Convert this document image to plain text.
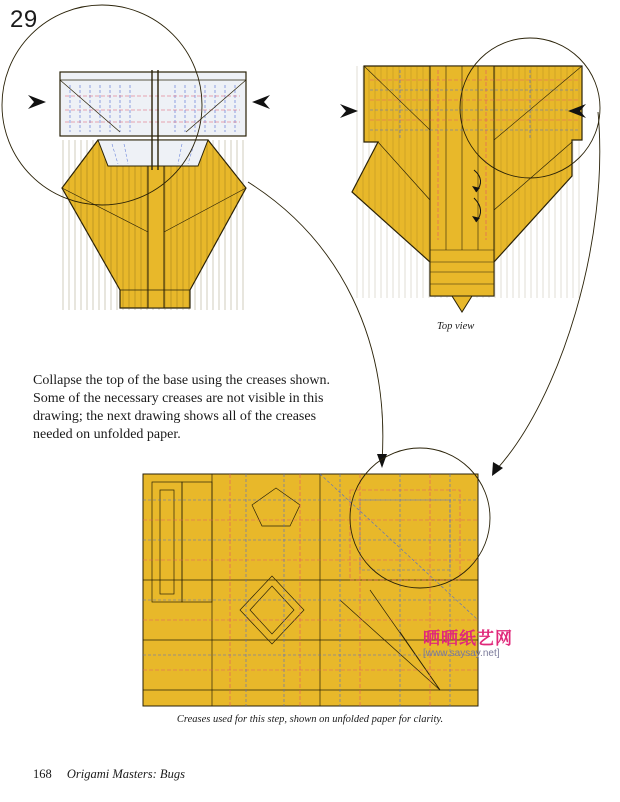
29
Top view

Collapse the top of the base using the creases shown. Some of the necessary creases are not visible in this drawing; the next drawing shows all of the creases needed on unfolded paper.

晒晒纸艺网
[www.saysay.net]
Creases used for this step, shown on unfolded paper for clarity.
168 Origami Masters: Bugs
